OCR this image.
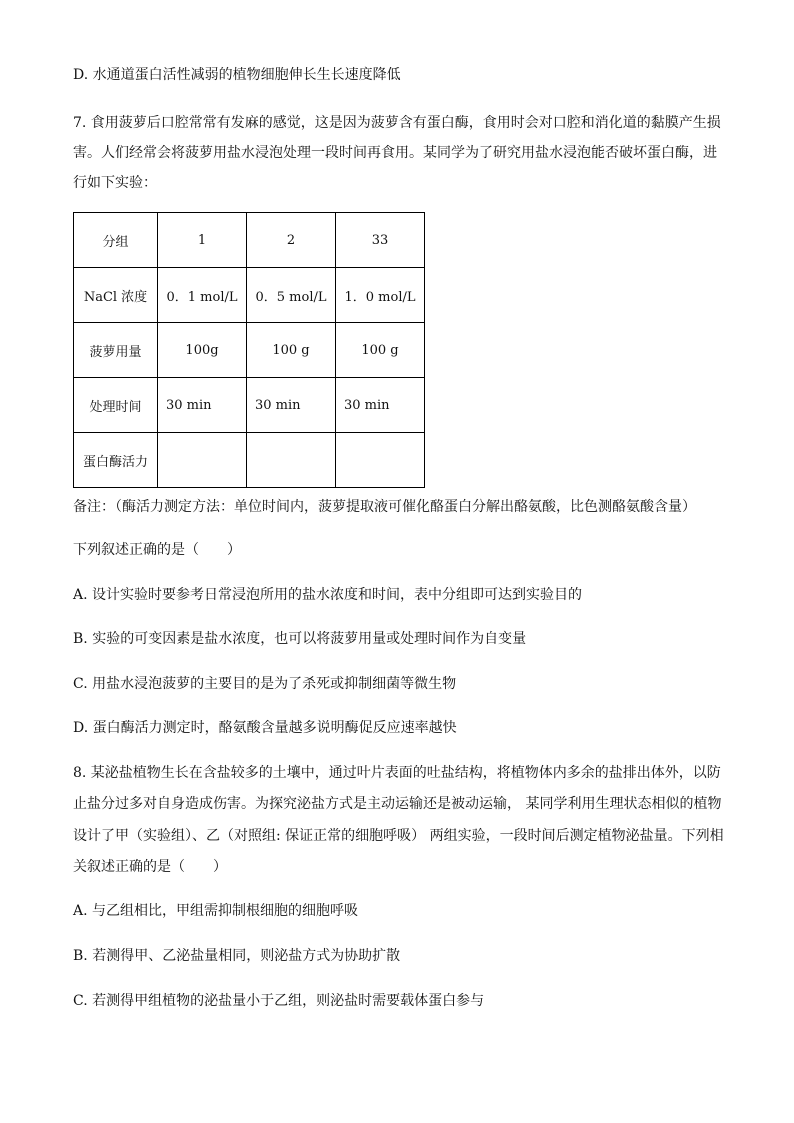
D. 水通道蛋白活性减弱的植物细胞伸长生长速度降低
7. 食用菠萝后口腔常常有发麻的感觉，这是因为菠萝含有蛋白酶，食用时会对口腔和消化道的黏膜产生损
害。人们经常会将菠萝用盐水浸泡处理一段时间再食用。某同学为了研究用盐水浸泡能否破坏蛋白酶，进
行如下实验：
分组	1	2	33
NaCl 浓度	0．1 mol/L	0．5 mol/L	1．0 mol/L
菠萝用量	100g	100 g	100 g
处理时间	30 min	30 min	30 min
蛋白酶活力			
备注：（酶活力测定方法：单位时间内，菠萝提取液可催化酪蛋白分解出酪氨酸，比色测酪氨酸含量）
下列叙述正确的是（　　）
A. 设计实验时要参考日常浸泡所用的盐水浓度和时间，表中分组即可达到实验目的
B. 实验的可变因素是盐水浓度，也可以将菠萝用量或处理时间作为自变量
C. 用盐水浸泡菠萝的主要目的是为了杀死或抑制细菌等微生物
D. 蛋白酶活力测定时，酪氨酸含量越多说明酶促反应速率越快
8. 某泌盐植物生长在含盐较多的土壤中，通过叶片表面的吐盐结构，将植物体内多余的盐排出体外，以防
止盐分过多对自身造成伤害。为探究泌盐方式是主动运输还是被动运输， 某同学利用生理状态相似的植物
设计了甲（实验组）、乙（对照组: 保证正常的细胞呼吸） 两组实验，一段时间后测定植物泌盐量。下列相
关叙述正确的是（　　）
A. 与乙组相比，甲组需抑制根细胞的细胞呼吸
B. 若测得甲、乙泌盐量相同，则泌盐方式为协助扩散
C. 若测得甲组植物的泌盐量小于乙组，则泌盐时需要载体蛋白参与
